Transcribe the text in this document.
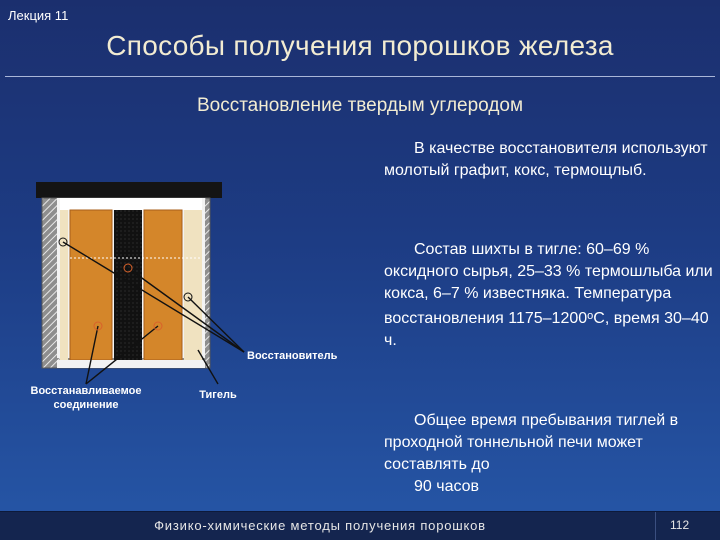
Лекция 11
Способы получения порошков железа
Восстановление твердым углеродом
Восстановитель
Восстанавливаемое
соединение
Тигель
В качестве восстановителя используют молотый графит, кокс, термощлыб.
Состав шихты в тигле: 60–69 % оксидного сырья, 25–33 % термошлыба или кокса, 6–7 % известняка. Температура восстановления $1175-1200^оС$, время 30–40 ч.
Общее время пребывания тиглей в проходной тоннельной печи может составлять до
90 часов
Физико-химические методы получения порошков	112
